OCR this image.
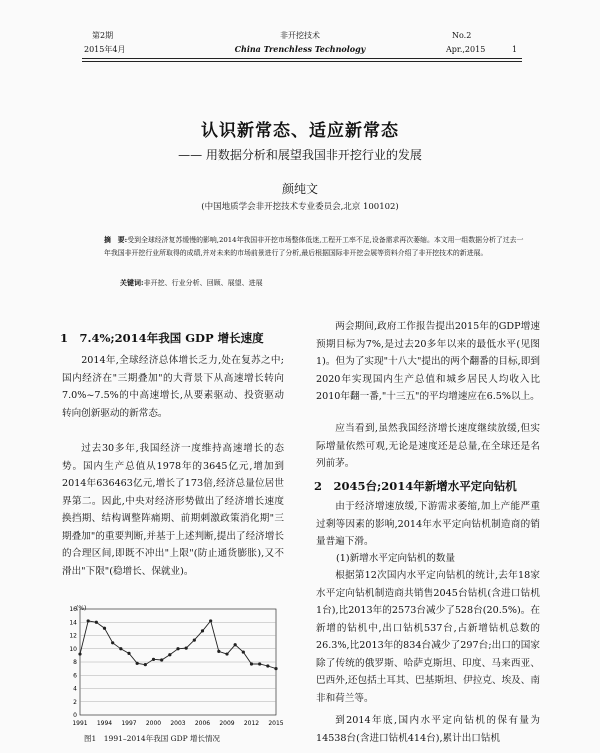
第2期
2015年4月
非开挖技术
China Trenchless Technology
No.2
Apr.,2015	1
认识新常态、适应新常态
—— 用数据分析和展望我国非开挖行业的发展
颜纯文
(中国地质学会非开挖技术专业委员会,北京 100102)
摘　要:受到全球经济复苏缓慢的影响,2014年我国非开挖市场整体低迷,工程开工率不足,设备需求再次萎缩。本文用一组数据分析了过去一年我国非开挖行业所取得的成绩,并对未来的市场前景进行了分析,最后根据国际非开挖会展等资料介绍了非开挖技术的新进展。
关键词:非开挖、行业分析、回顾、展望、进展
1　7.4%;2014年我国 GDP 增长速度
2014年,全球经济总体增长乏力,处在复苏之中;国内经济在"三期叠加"的大背景下从高速增长转向7.0%~7.5%的中高速增长,从要素驱动、投资驱动转向创新驱动的新常态。
过去30多年,我国经济一度维持高速增长的态势。国内生产总值从1978年的3645亿元,增加到2014年636463亿元,增长了173倍,经济总量位居世界第二。因此,中央对经济形势做出了经济增长速度换挡期、结构调整阵痛期、前期刺激政策消化期"三期叠加"的重要判断,并基于上述判断,提出了经济增长的合理区间,即既不冲出"上限"(防止通货膨胀),又不滑出"下限"(稳增长、保就业)。
(%)
0
2
4
6
8
10
12
14
16
1991 1994 1997 2000 2003 2006 2009 2012 2015
图1　1991–2014年我国 GDP 增长情况
两会期间,政府工作报告提出2015年的GDP增速预期目标为7%,是过去20多年以来的最低水平(见图1)。但为了实现"十八大"提出的两个翻番的目标,即到2020年实现国内生产总值和城乡居民人均收入比2010年翻一番,"十三五"的平均增速应在6.5%以上。
应当看到,虽然我国经济增长速度继续放缓,但实际增量依然可观,无论是速度还是总量,在全球还是名列前茅。
2　2045台;2014年新增水平定向钻机
由于经济增速放缓,下游需求萎缩,加上产能严重过剩等因素的影响,2014年水平定向钻机制造商的销量普遍下滑。
(1)新增水平定向钻机的数量
根据第12次国内水平定向钻机的统计,去年18家水平定向钻机制造商共销售2045台钻机(含进口钻机1台),比2013年的2573台减少了528台(20.5%)。在新增的钻机中,出口钻机537台,占新增钻机总数的26.3%,比2013年的834台减少了297台;出口的国家除了传统的俄罗斯、哈萨克斯坦、印度、马来西亚、巴西外,还包括土耳其、巴基斯坦、伊拉克、埃及、南非和荷兰等。
到2014年底,国内水平定向钻机的保有量为14538台(含进口钻机414台),累计出口钻机
